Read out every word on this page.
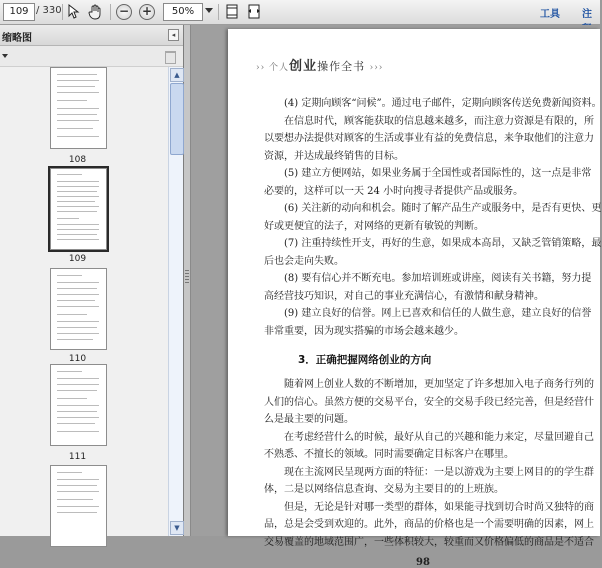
109 / 330	− +	50%	工具 注
缩略图	◂
108
109
110
111
▲
▼
›› 个人创业操作全书 ›››
(4) 定期向顾客“问候”。通过电子邮件，定期向顾客传送免费新闻资料。
在信息时代，顾客能获取的信息越来越多，而注意力资源是有限的，所
以要想办法提供对顾客的生活或事业有益的免费信息，来争取他们的注意力
资源，并达成最终销售的目标。
(5) 建立方便网站，如果业务属于全国性或者国际性的，这一点是非常
必要的，这样可以一天 24 小时向搜寻者提供产品或服务。
(6) 关注新的动向和机会。随时了解产品生产或服务中，是否有更快、更
好或更便宜的法子，对网络的更新有敏锐的判断。
(7) 注重持续性开支，再好的生意，如果成本高昂，又缺乏管销策略，最
后也会走向失败。
(8) 要有信心并不断充电。参加培训班或讲座，阅读有关书籍，努力提
高经营技巧知识，对自己的事业充满信心，有激情和献身精神。
(9) 建立良好的信誉。网上已喜欢和信任的人做生意，建立良好的信誉
非常重要，因为现实搭骗的市场会越来越少。
3．正确把握网络创业的方向
随着网上创业人数的不断增加，更加坚定了许多想加入电子商务行列的
人们的信心。虽然方便的交易平台，安全的交易手段已经完善，但是经营什
么是最主要的问题。
在考虑经营什么的时候，最好从自己的兴趣和能力来定，尽量回避自己
不熟悉、不擅长的领域。同时需要确定目标客户在哪里。
现在主流网民呈现两方面的特征：一是以游戏为主要上网目的的学生群
体，二是以网络信息查询、交易为主要目的的上班族。
但是，无论是针对哪一类型的群体，如果能寻找到切合时尚又独特的商
品，总是会受到欢迎的。此外，商品的价格也是一个需要明确的因素，网上
交易覆盖的地域范围广，一些体积较大，较重而又价格偏低的商品是不适合
98
